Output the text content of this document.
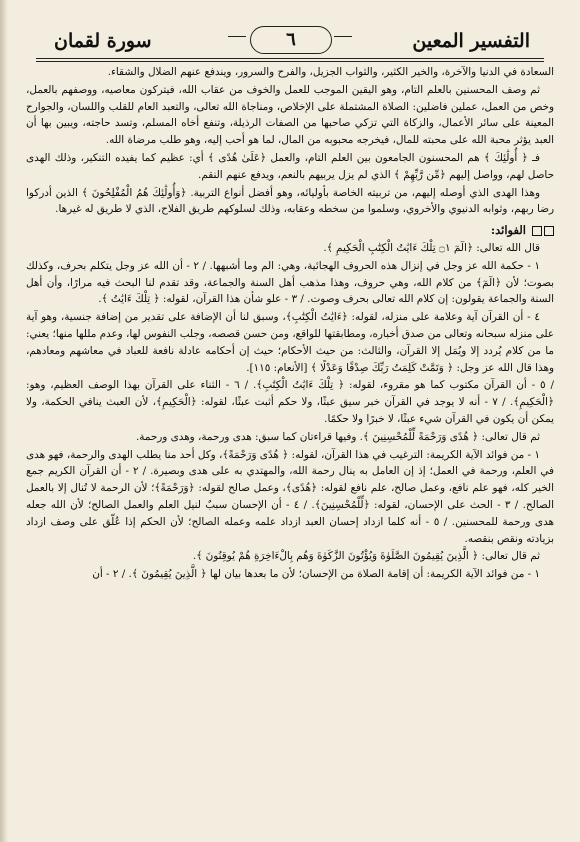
التفسير المعين
٦
سورة لقمان

السعادة في الدنيا والآخرة، والخير الكثير، والثواب الجزيل، والفرح والسرور، ويندفع عنهم الضلال والشقاء.

ثم وصف المحسنين بالعلم التام، وهو اليقين الموجب للعمل والخوف من عقاب الله، فيتركون معاصيه، ووصفهم بالعمل، وخص من العمل، عملين فاضلين: الصلاة المشتملة على الإخلاص، ومناجاة الله تعالى، والتعبد العام للقلب واللسان، والجوارح المعينة على سائر الأعمال، والزكاة التي تزكي صاحبها من الصفات الرذيلة، وتنفع أخاه المسلم، وتسد حاجته، ويبين بها أن العبد يؤثر محبة الله على محبته للمال، فيخرجه محبوبه من المال، لما هو أحب إليه، وهو طلب مرضاة الله.

فـ ﴿ أُولَٰئِكَ ﴾ هم المحسنون الجامعون بين العلم التام، والعمل ﴿عَلَىٰ هُدًى ﴾ أي: عظيم كما يفيده التنكير، وذلك الهدى حاصل لهم، وواصل إليهم ﴿مِّن رَّبِّهِمْ ﴾ الذي لم يزل يربيهم بالنعم، ويدفع عنهم النقم.

وهذا الهدى الذي أوصله إليهم، من تربيته الخاصة بأوليائه، وهو أفضل أنواع التربية. ﴿وَأُولَٰئِكَ هُمُ الْمُفْلِحُونَ ﴾ الذين أدركوا رضا ربهم، وثوابه الدنيوي والأخروي، وسلموا من سخطه وعقابه، وذلك لسلوكهم طريق الفلاح، الذي لا طريق له غيرها.

الفوائد:

قال الله تعالى: ﴿الٓمٓ ۝١ تِلْكَ ءَايَٰتُ الْكِتَٰبِ الْحَكِيمِ ﴾.

١ - حكمة الله عز وجل في إنزال هذه الحروف الهجائية، وهي: الم وما أشبهها. / ٢ - أن الله عز وجل يتكلم بحرف، وكذلك بصوت؛ لأن ﴿الٓمٓ﴾ من كلام الله، وهي حروف، وهذا مذهب أهل السنة والجماعة، وقد تقدم لنا البحث فيه مرارًا، وأن أهل السنة والجماعة يقولون: إن كلام الله تعالى بحرف وصوت. / ٣ - علو شأن هذا القرآن، لقوله: ﴿ تِلْكَ ءَايَٰتُ ﴾.

٤ - أن القرآن آية وعلامة على منزله، لقوله: ﴿ءَايَٰتُ الْكِتَٰبِ﴾، وسبق لنا أن الإضافة على تقدير من إضافة جنسية، وهو آية على منزله سبحانه وتعالى من صدق أخباره، ومطابقتها للواقع، ومن حسن قصصه، وجلب النفوس لها، وعدم مللها منها؛ يعني: ما من كلام يُردد إلا ويُمَل إلا القرآن، والثالث: من حيث الأحكام؛ حيث إن أحكامه عادلة نافعة للعباد في معاشهم ومعادهم، وهذا قال الله عز وجل: ﴿ وَتَمَّتْ كَلِمَتُ رَبِّكَ صِدْقًا وَعَدْلًا ﴾ [الأنعام: ١١٥].

/ ٥ - أن القرآن مكتوب كما هو مقروء، لقوله: ﴿ تِلْكَ ءَايَٰتُ الْكِتَٰبِ﴾. / ٦ - الثناء على القرآن بهذا الوصف العظيم، وهو: ﴿الْحَكِيمِ﴾. / ٧ - أنه لا يوجد في القرآن خبر سيق عبثًا، ولا حكم أثبت عبثًا، لقوله: ﴿الْحَكِيمِ﴾، لأن العبث ينافي الحكمة، ولا يمكن أن يكون في القرآن شيء عبثًا، لا خبرًا ولا حكمًا.

ثم قال تعالى: ﴿ هُدًى وَرَحْمَةً لِّلْمُحْسِنِينَ ﴾. وفيها قراءتان كما سبق: هدى ورحمة، وهدى ورحمة.

١ - من فوائد الآية الكريمة: الترغيب في هذا القرآن، لقوله: ﴿ هُدًى وَرَحْمَةً﴾، وكل أحد منا يطلب الهدى والرحمة، فهو هدى في العلم، ورحمة في العمل؛ إذ إن العامل به ينال رحمة الله، والمهتدي به على هدى وبصيرة. / ٢ - أن القرآن الكريم جمع الخير كله، فهو علم نافع، وعمل صالح، علم نافع لقوله: ﴿هُدًى﴾، وعمل صالح لقوله: ﴿وَرَحْمَةً﴾؛ لأن الرحمة لا تُنال إلا بالعمل الصالح. / ٣ - الحث على الإحسان، لقوله: ﴿لِّلْمُحْسِنِينَ﴾. / ٤ - أن الإحسان سببٌ لنيل العلم والعمل الصالح؛ لأن الله جعله هدى ورحمة للمحسنين. / ٥ - أنه كلما ازداد إحسان العبد ازداد علمه وعمله الصالح؛ لأن الحكم إذا عُلّق على وصف ازداد بزيادته ونقص بنقصه.

ثم قال تعالى: ﴿ الَّذِينَ يُقِيمُونَ الصَّلَوٰةَ وَيُؤْتُونَ الزَّكَوٰةَ وَهُم بِالْءَاخِرَةِ هُمْ يُوقِنُونَ ﴾.

١ - من فوائد الآية الكريمة: أن إقامة الصلاة من الإحسان؛ لأن ما بعدها بيان لها ﴿ الَّذِينَ يُقِيمُونَ ﴾. / ٢ - أن
